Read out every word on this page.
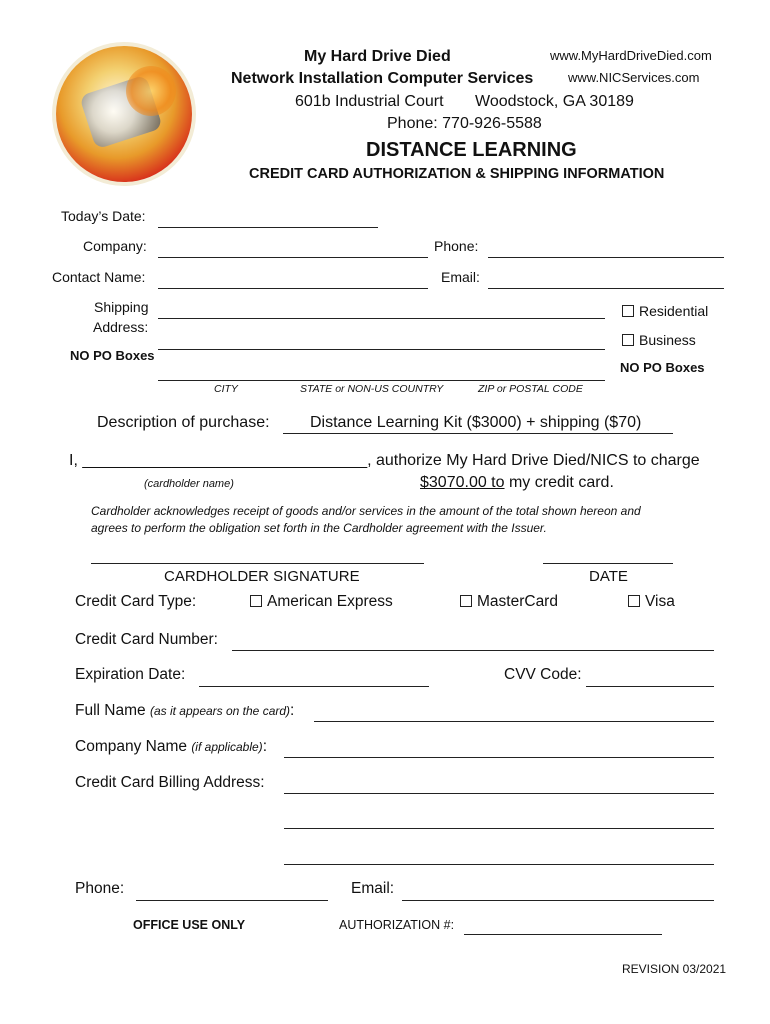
My Hard Drive Died
Network Installation Computer Services
601b Industrial Court Woodstock, GA 30189
Phone: 770-926-5588
www.MyHardDriveDied.com
www.NICServices.com
DISTANCE LEARNING
CREDIT CARD AUTHORIZATION & SHIPPING INFORMATION
Today’s Date:
Company:	Phone:
Contact Name:	Email:
Shipping
Address:
NO PO Boxes
Residential
Business
NO PO Boxes
CITY	STATE or NON-US COUNTRY	ZIP or POSTAL CODE
Description of purchase:	Distance Learning Kit ($3000) + shipping ($70)
I, ________________________________, authorize My Hard Drive Died/NICS to charge
(cardholder name)	$3070.00 to my credit card.
Cardholder acknowledges receipt of goods and/or services in the amount of the total shown hereon and
agrees to perform the obligation set forth in the Cardholder agreement with the Issuer.
CARDHOLDER SIGNATURE	DATE
Credit Card Type:	American Express	MasterCard	Visa
Credit Card Number:
Expiration Date:	CVV Code:
Full Name (as it appears on the card):
Company Name (if applicable):
Credit Card Billing Address:
Phone:	Email:
OFFICE USE ONLY	AUTHORIZATION #:
REVISION 03/2021
